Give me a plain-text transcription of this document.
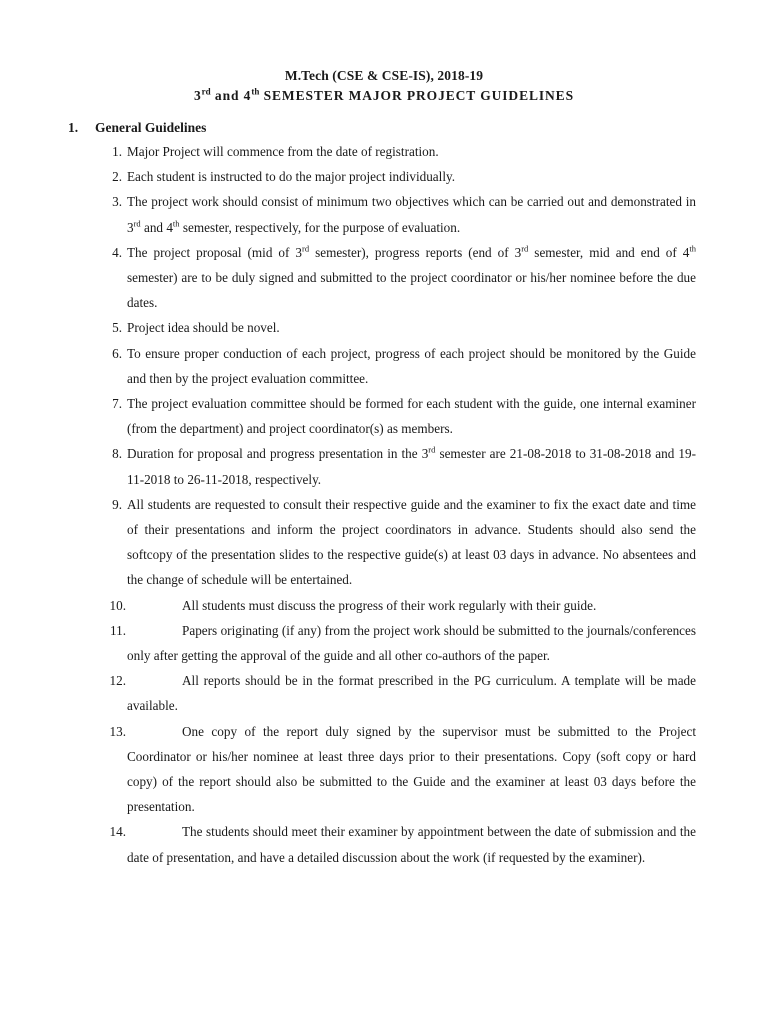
M.Tech (CSE & CSE-IS), 2018-19
3rd and 4th SEMESTER MAJOR PROJECT GUIDELINES
1. General Guidelines
1. Major Project will commence from the date of registration.
2. Each student is instructed to do the major project individually.
3. The project work should consist of minimum two objectives which can be carried out and demonstrated in 3rd and 4th semester, respectively, for the purpose of evaluation.
4. The project proposal (mid of 3rd semester), progress reports (end of 3rd semester, mid and end of 4th semester) are to be duly signed and submitted to the project coordinator or his/her nominee before the due dates.
5. Project idea should be novel.
6. To ensure proper conduction of each project, progress of each project should be monitored by the Guide and then by the project evaluation committee.
7. The project evaluation committee should be formed for each student with the guide, one internal examiner (from the department) and project coordinator(s) as members.
8. Duration for proposal and progress presentation in the 3rd semester are 21-08-2018 to 31-08-2018 and 19-11-2018 to 26-11-2018, respectively.
9. All students are requested to consult their respective guide and the examiner to fix the exact date and time of their presentations and inform the project coordinators in advance. Students should also send the softcopy of the presentation slides to the respective guide(s) at least 03 days in advance. No absentees and the change of schedule will be entertained.
10.	All students must discuss the progress of their work regularly with their guide.
11.	Papers originating (if any) from the project work should be submitted to the journals/conferences only after getting the approval of the guide and all other co-authors of the paper.
12.	All reports should be in the format prescribed in the PG curriculum. A template will be made available.
13.	One copy of the report duly signed by the supervisor must be submitted to the Project Coordinator or his/her nominee at least three days prior to their presentations. Copy (soft copy or hard copy) of the report should also be submitted to the Guide and the examiner at least 03 days before the presentation.
14.	The students should meet their examiner by appointment between the date of submission and the date of presentation, and have a detailed discussion about the work (if requested by the examiner).
